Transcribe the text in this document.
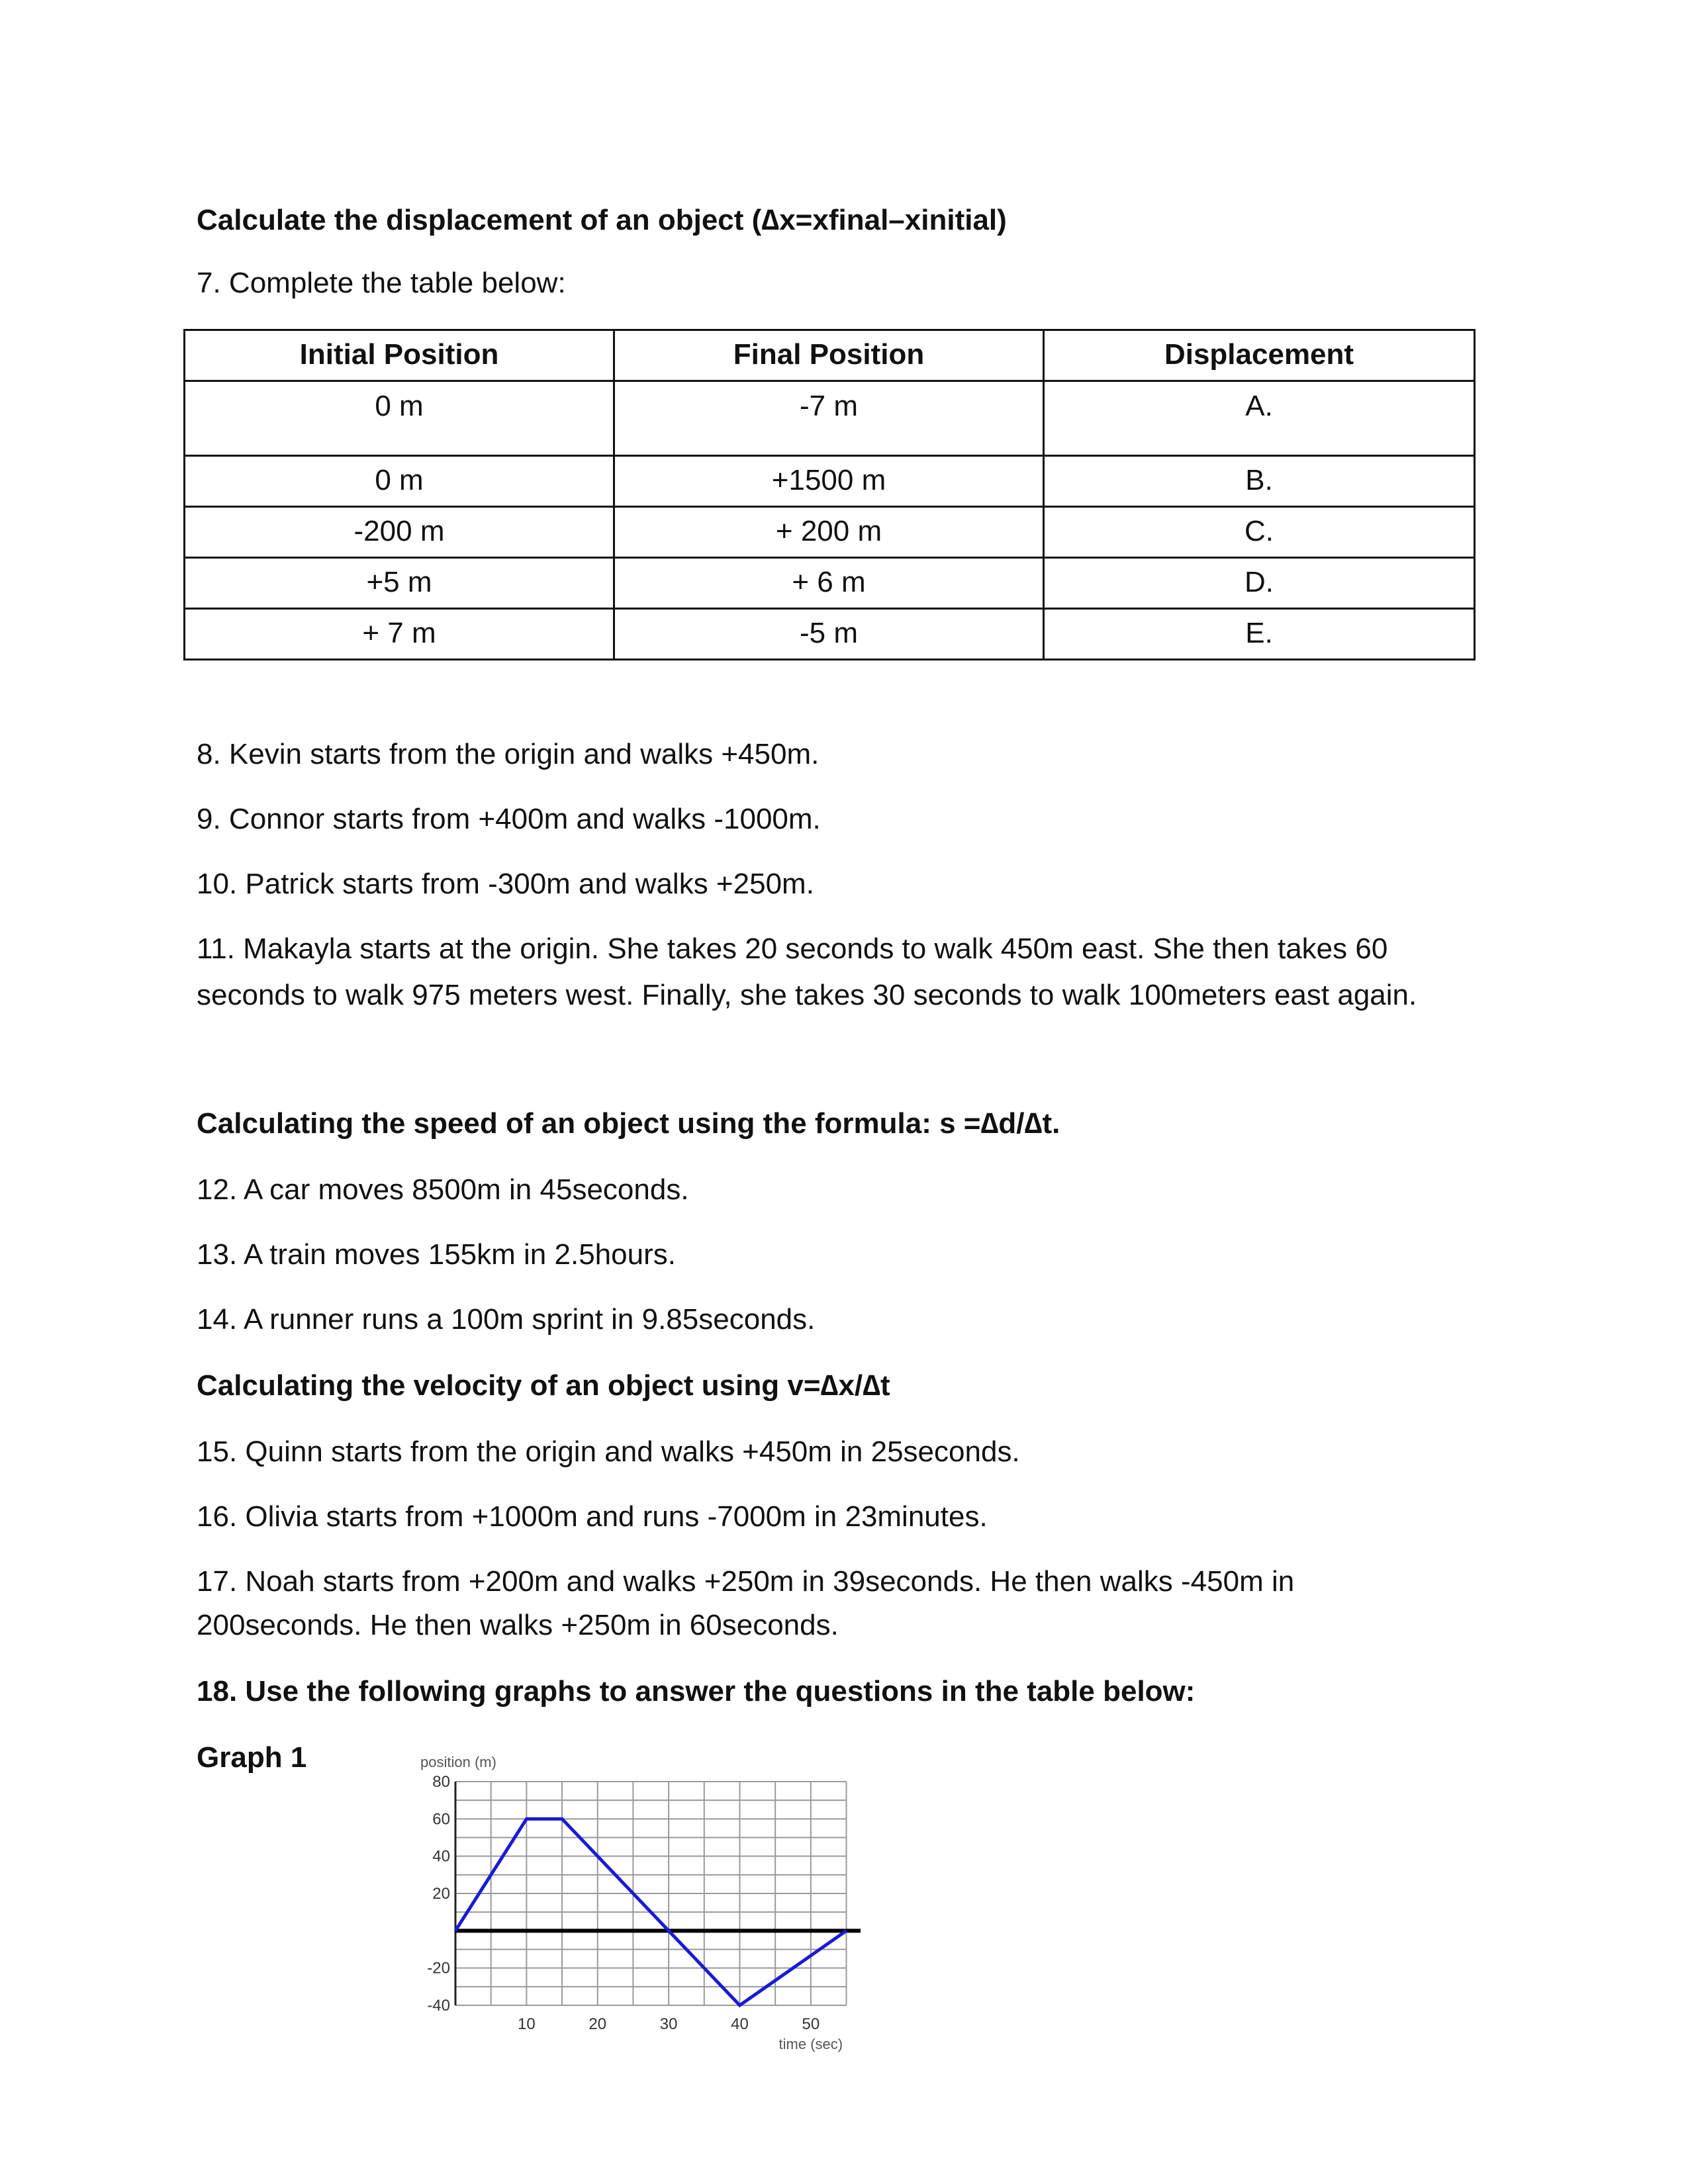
Calculate the displacement of an object (∆x=xfinal–xinitial)
7. Complete the table below:
Initial Position	Final Position	Displacement
0 m	-7 m	A.
0 m	+1500 m	B.
-200 m	+ 200 m	C.
+5 m	+ 6 m	D.
+ 7 m	-5 m	E.
8. Kevin starts from the origin and walks +450m.
9. Connor starts from +400m and walks -1000m.
10. Patrick starts from -300m and walks +250m.
11. Makayla starts at the origin. She takes 20 seconds to walk 450m east. She then takes 60
seconds to walk 975 meters west. Finally, she takes 30 seconds to walk 100meters east again.
Calculating the speed of an object using the formula: s =∆d/∆t.
12. A car moves 8500m in 45seconds.
13. A train moves 155km in 2.5hours.
14. A runner runs a 100m sprint in 9.85seconds.
Calculating the velocity of an object using v=∆x/∆t
15. Quinn starts from the origin and walks +450m in 25seconds.
16. Olivia starts from +1000m and runs -7000m in 23minutes.
17. Noah starts from +200m and walks +250m in 39seconds. He then walks -450m in
200seconds. He then walks +250m in 60seconds.
18. Use the following graphs to answer the questions in the table below:
Graph 1
80
60
40
20
-20
-40
10	20	30	40	50
position (m)
time (sec)
